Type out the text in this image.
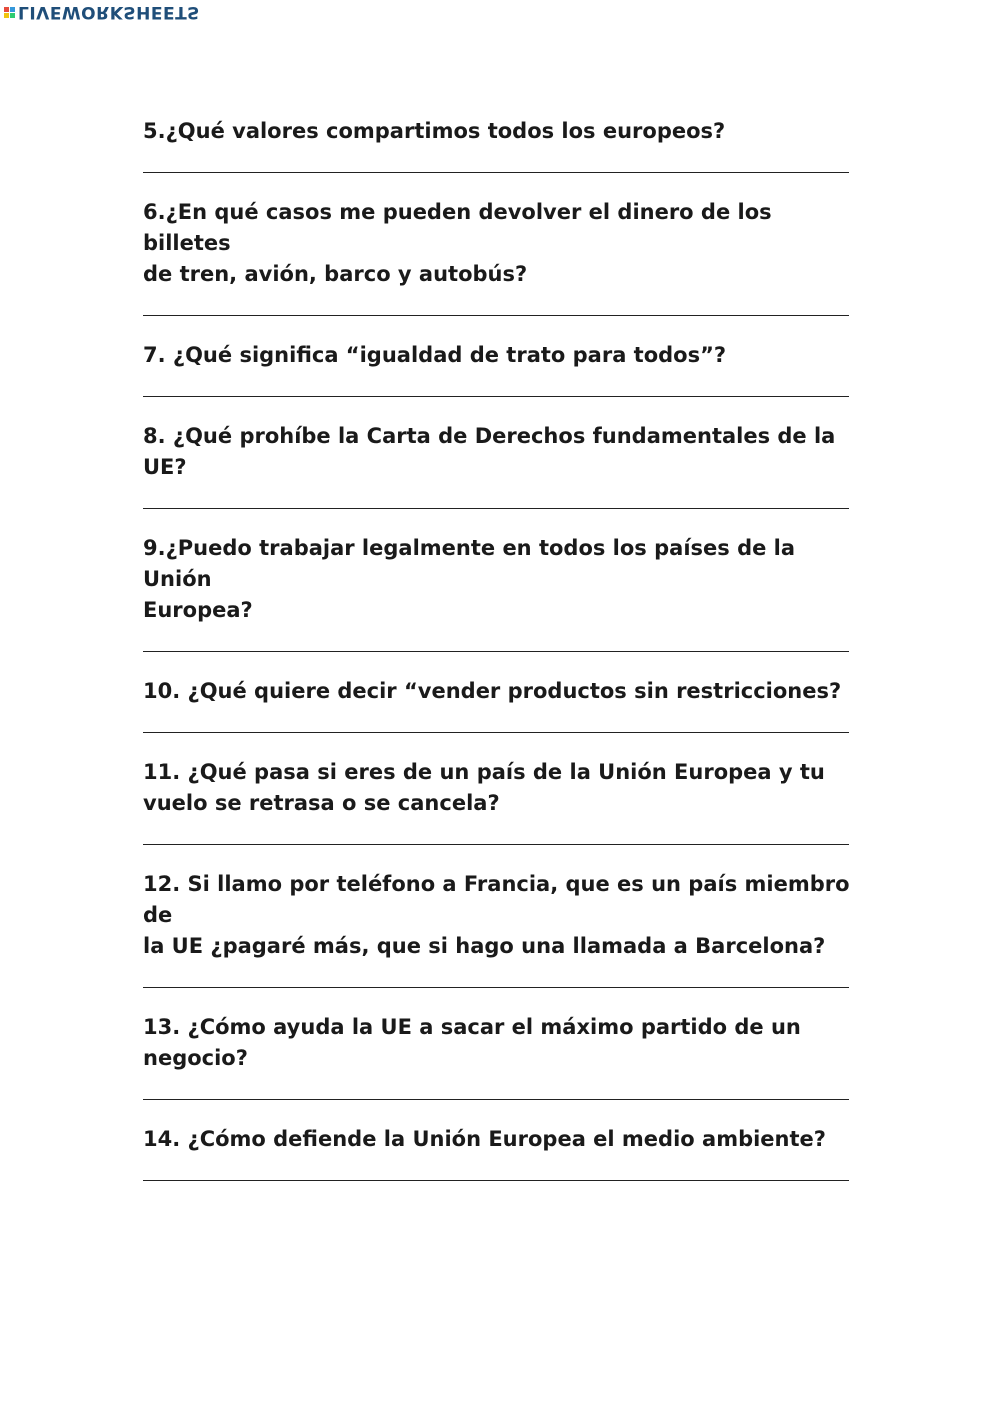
LIVEWORKSHEETS

5.¿Qué valores compartimos todos los europeos?

6.¿En qué casos me pueden devolver el dinero de los billetes
de tren, avión, barco y autobús?

7. ¿Qué significa “igualdad de trato para todos”?

8. ¿Qué prohíbe la Carta de Derechos fundamentales de la
UE?

9.¿Puedo trabajar legalmente en todos los países de la Unión
Europea?

10. ¿Qué quiere decir “vender productos sin restricciones?

11. ¿Qué pasa si eres de un país de la Unión Europea y tu
vuelo se retrasa o se cancela?

12. Si llamo por teléfono a Francia, que es un país miembro de
la UE ¿pagaré más, que si hago una llamada a Barcelona?

13. ¿Cómo ayuda la UE a sacar el máximo partido de un
negocio?

14. ¿Cómo defiende la Unión Europea el medio ambiente?
